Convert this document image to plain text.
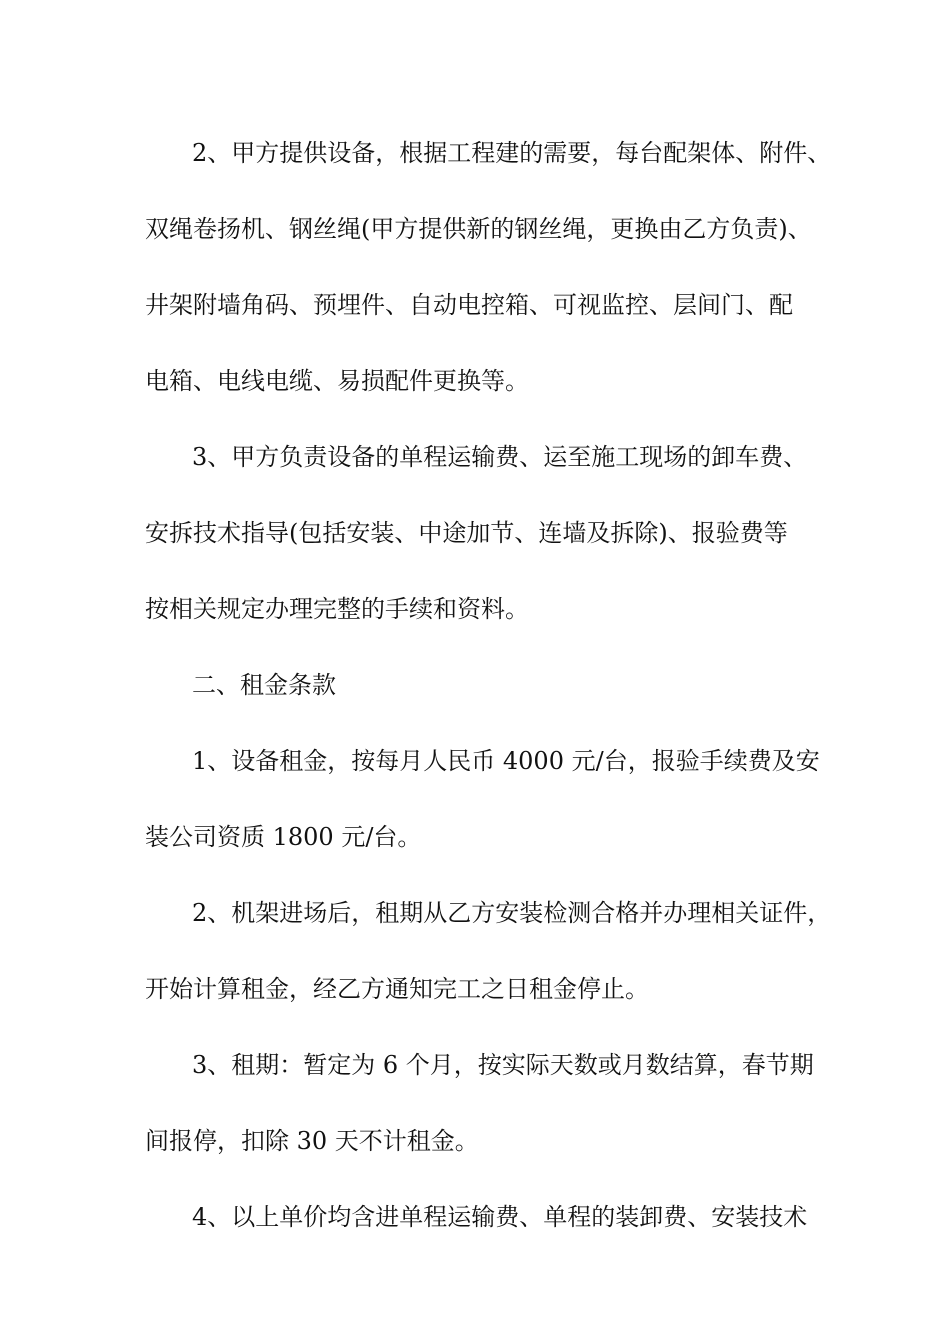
2、甲方提供设备，根据工程建的需要，每台配架体、附件、
双绳卷扬机、钢丝绳(甲方提供新的钢丝绳，更换由乙方负责)、
井架附墙角码、预埋件、自动电控箱、可视监控、层间门、配
电箱、电线电缆、易损配件更换等。
3、甲方负责设备的单程运输费、运至施工现场的卸车费、
安拆技术指导(包括安装、中途加节、连墙及拆除)、报验费等
按相关规定办理完整的手续和资料。
二、租金条款
1、设备租金，按每月人民币 4000 元/台，报验手续费及安
装公司资质 1800 元/台。
2、机架进场后，租期从乙方安装检测合格并办理相关证件，
开始计算租金，经乙方通知完工之日租金停止。
3、租期：暂定为 6 个月，按实际天数或月数结算，春节期
间报停，扣除 30 天不计租金。
4、以上单价均含进单程运输费、单程的装卸费、安装技术
